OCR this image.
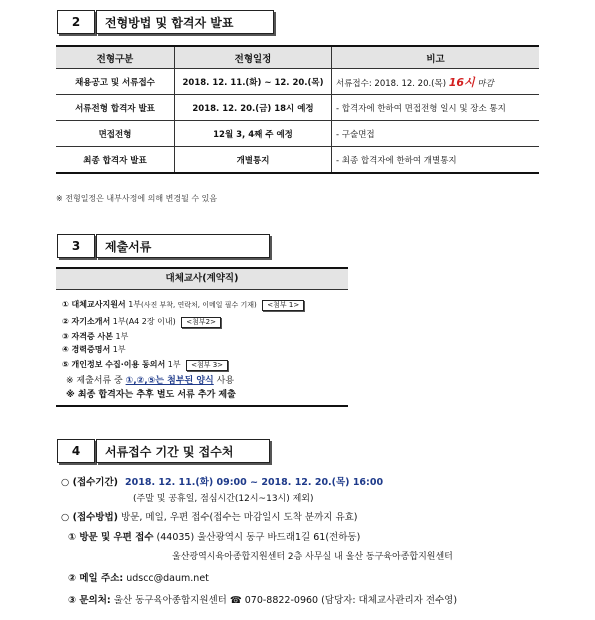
2	전형방법 및 합격자 발표
전형구분	전형일정	비고
채용공고 및 서류접수	2018. 12. 11.(화) ~ 12. 20.(목)	서류접수: 2018. 12. 20.(목) 16시 마감
서류전형 합격자 발표	2018. 12. 20.(금) 18시 예정	- 합격자에 한하여 면접전형 일시 및 장소 통지
면접전형	12월 3, 4째 주 예정	- 구술면접
최종 합격자 발표	개별통지	- 최종 합격자에 한하여 개별통지
※ 전형일정은 내부사정에 의해 변경될 수 있음
3	제출서류
대체교사(계약직)
① 대체교사지원서 1부(사진 부착, 연락처, 이메일 필수 기재) <첨부 1>
② 자기소개서 1부(A4 2장 이내) <첨부2>
③ 자격증 사본 1부
④ 경력증명서 1부
⑤ 개인정보 수집·이용 동의서 1부 <첨부 3>
※ 제출서류 중 ①,②,⑤는 첨부된 양식 사용
※ 최종 합격자는 추후 별도 서류 추가 제출
4	서류접수 기간 및 접수처
○ (접수기간) 2018. 12. 11.(화) 09:00 ~ 2018. 12. 20.(목) 16:00
(주말 및 공휴일, 점심시간(12시~13시) 제외)
○ (접수방법) 방문, 메일, 우편 접수(접수는 마감일시 도착 분까지 유효)
① 방문 및 우편 접수 (44035) 울산광역시 동구 바드래1길 61(전하동)
울산광역시육아종합지원센터 2층 사무실 내 울산 동구육아종합지원센터
② 메일 주소: udscc@daum.net
③ 문의처: 울산 동구육아종합지원센터 ☎ 070-8822-0960 (담당자: 대체교사관리자 전수영)
